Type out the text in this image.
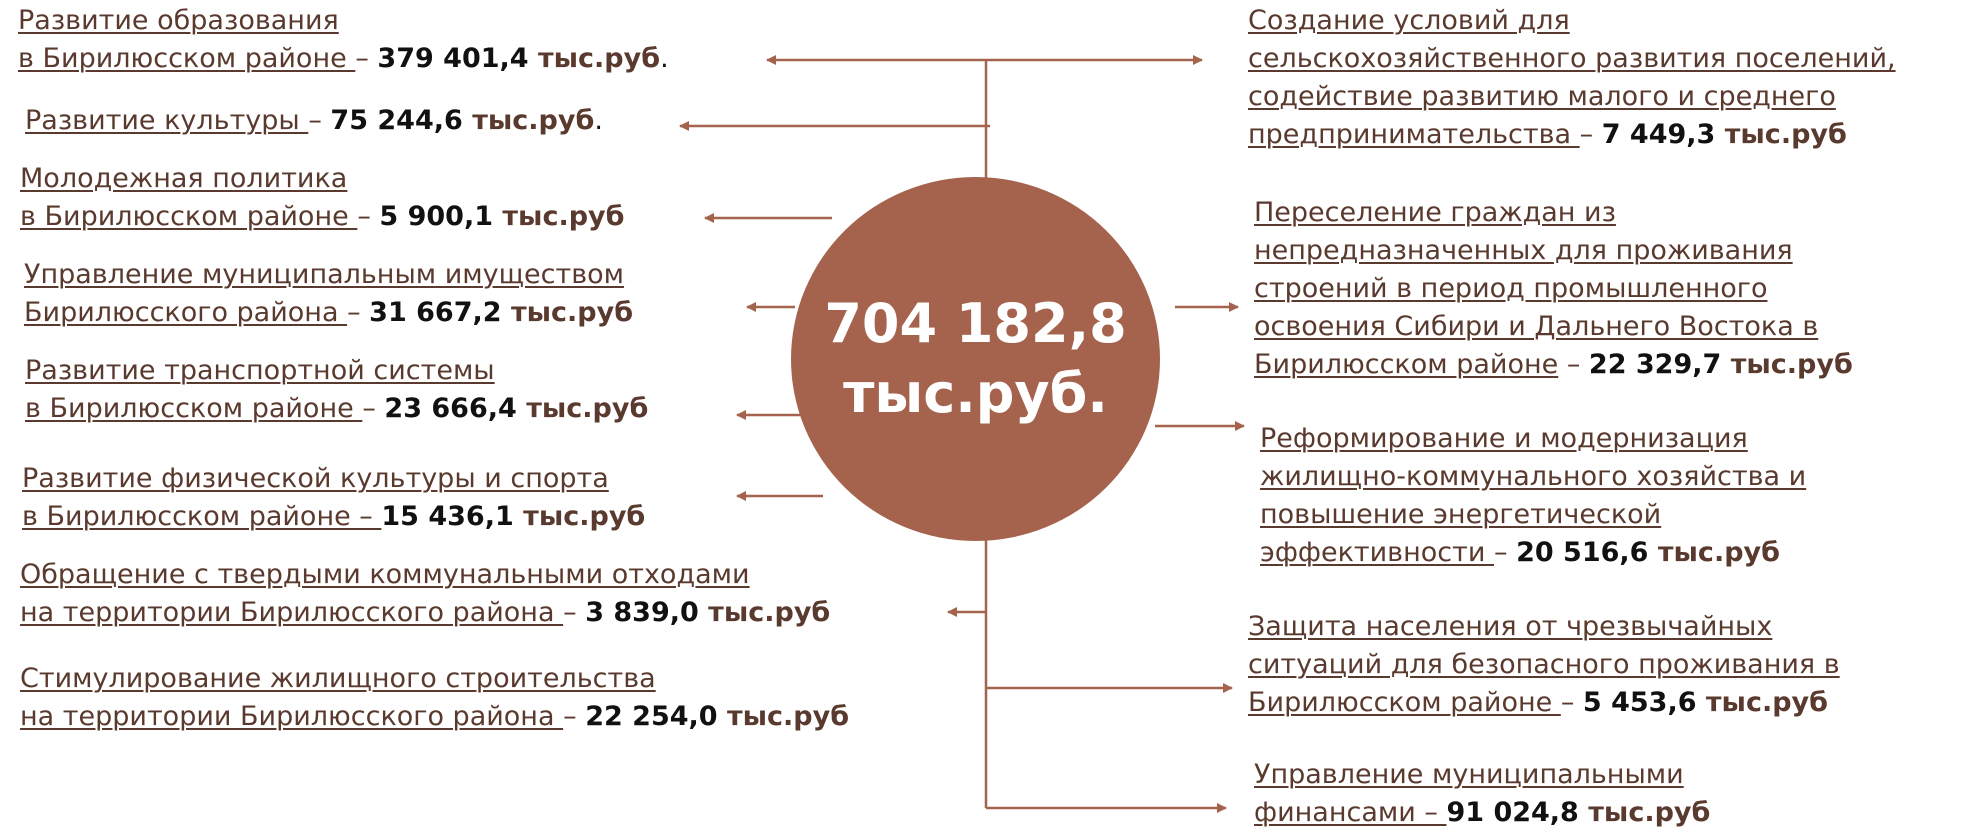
704 182,8
тыс.руб.
Развитие образования
в Бирилюсском районе – 379 401,4 тыс.руб.
Развитие культуры – 75 244,6 тыс.руб.
Молодежная политика
в Бирилюсском районе – 5 900,1 тыс.руб
Управление муниципальным имуществом
Бирилюсского района – 31 667,2 тыс.руб
Развитие транспортной системы
в Бирилюсском районе – 23 666,4 тыс.руб
Развитие физической культуры и спорта
в Бирилюсском районе – 15 436,1 тыс.руб
Обращение с твердыми коммунальными отходами
на территории Бирилюсского района – 3 839,0 тыс.руб
Стимулирование жилищного строительства
на территории Бирилюсского района – 22 254,0 тыс.руб
Создание условий для
сельскохозяйственного развития поселений,
содействие развитию малого и среднего
предпринимательства – 7 449,3 тыс.руб
Переселение граждан из
непредназначенных для проживания
строений в период промышленного
освоения Сибири и Дальнего Востока в
Бирилюсском районе – 22 329,7 тыс.руб
Реформирование и модернизация
жилищно-коммунального хозяйства и
повышение энергетической
эффективности – 20 516,6 тыс.руб
Защита населения от чрезвычайных
ситуаций для безопасного проживания в
Бирилюсском районе – 5 453,6 тыс.руб
Управление муниципальными
финансами – 91 024,8 тыс.руб
